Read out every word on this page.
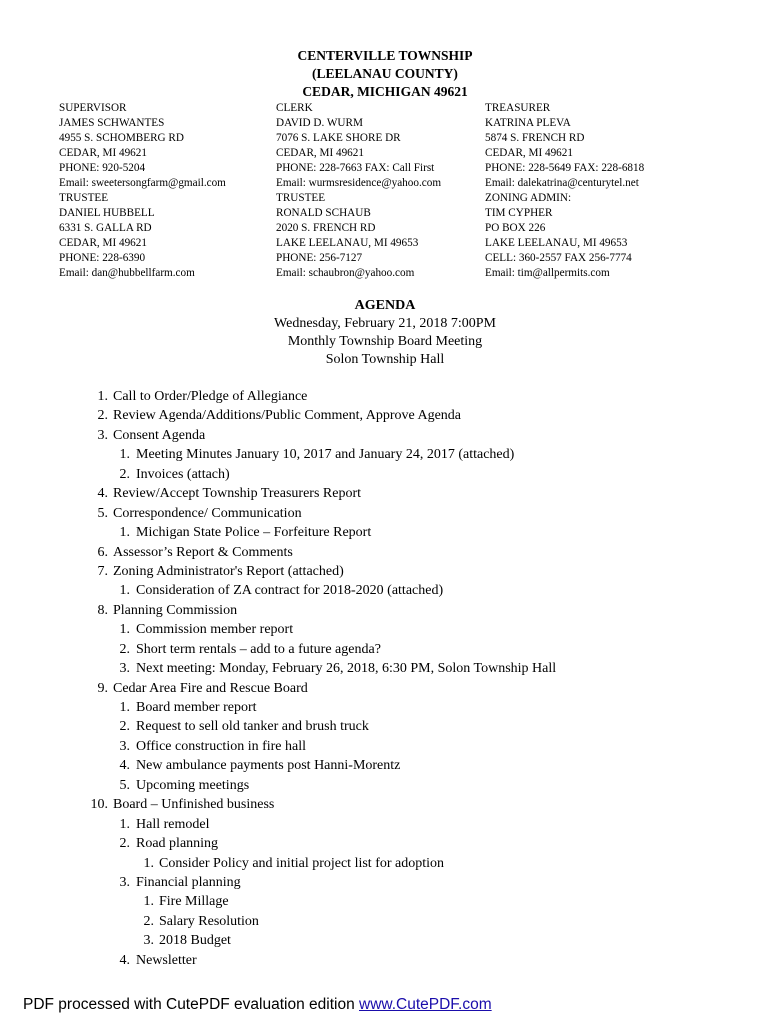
CENTERVILLE TOWNSHIP
(LEELANAU COUNTY)
CEDAR, MICHIGAN 49621
SUPERVISOR
JAMES SCHWANTES
4955 S. SCHOMBERG RD
CEDAR, MI 49621
PHONE: 920-5204
Email: sweetersongfarm@gmail.com
TRUSTEE
DANIEL HUBBELL
6331 S. GALLA RD
CEDAR, MI 49621
PHONE: 228-6390
Email: dan@hubbellfarm.com
CLERK
DAVID D. WURM
7076 S. LAKE SHORE DR
CEDAR, MI 49621
PHONE: 228-7663 FAX: Call First
Email: wurmsresidence@yahoo.com
TRUSTEE
RONALD SCHAUB
2020 S. FRENCH RD
LAKE LEELANAU, MI 49653
PHONE: 256-7127
Email: schaubron@yahoo.com
TREASURER
KATRINA PLEVA
5874 S. FRENCH RD
CEDAR, MI 49621
PHONE: 228-5649 FAX: 228-6818
Email: dalekatrina@centurytel.net
ZONING ADMIN:
TIM CYPHER
PO BOX 226
LAKE LEELANAU, MI 49653
CELL: 360-2557 FAX 256-7774
Email: tim@allpermits.com
AGENDA
Wednesday, February 21, 2018 7:00PM
Monthly Township Board Meeting
Solon Township Hall
1. Call to Order/Pledge of Allegiance
2. Review Agenda/Additions/Public Comment, Approve Agenda
3. Consent Agenda
1. Meeting Minutes January 10, 2017 and January 24, 2017 (attached)
2. Invoices (attach)
4. Review/Accept Township Treasurers Report
5. Correspondence/ Communication
1. Michigan State Police – Forfeiture Report
6. Assessor’s Report & Comments
7. Zoning Administrator's Report (attached)
1. Consideration of ZA contract for 2018-2020 (attached)
8. Planning Commission
1. Commission member report
2. Short term rentals – add to a future agenda?
3. Next meeting: Monday, February 26, 2018, 6:30 PM, Solon Township Hall
9. Cedar Area Fire and Rescue Board
1. Board member report
2. Request to sell old tanker and brush truck
3. Office construction in fire hall
4. New ambulance payments post Hanni-Morentz
5. Upcoming meetings
10. Board – Unfinished business
1. Hall remodel
2. Road planning
1. Consider Policy and initial project list for adoption
3. Financial planning
1. Fire Millage
2. Salary Resolution
3. 2018 Budget
4. Newsletter
PDF processed with CutePDF evaluation edition www.CutePDF.com
